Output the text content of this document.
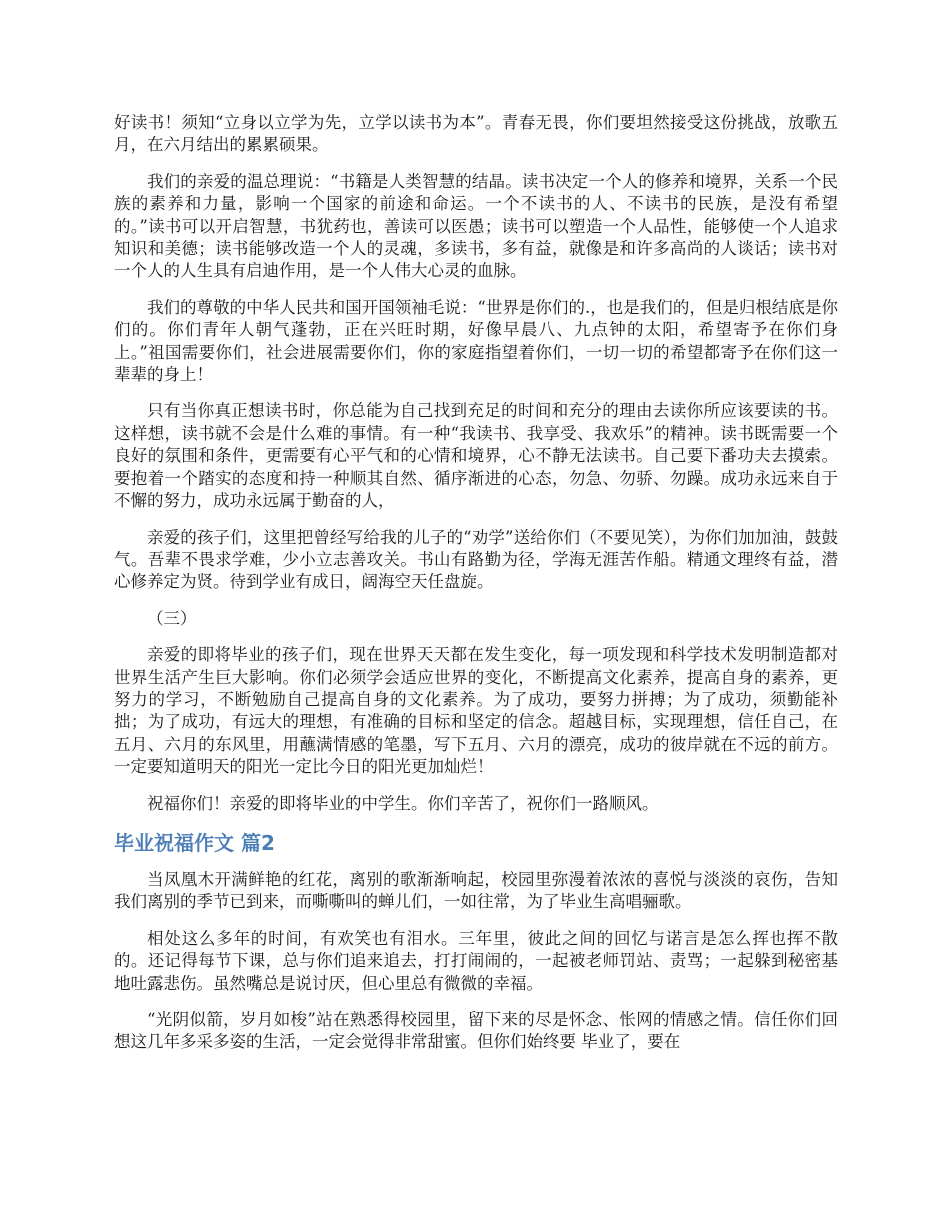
好读书！须知“立身以立学为先，立学以读书为本”。青春无畏，你们要坦然接受这份挑战，放歌五月，在六月结出的累累硕果。

我们的亲爱的温总理说：“书籍是人类智慧的结晶。读书决定一个人的修养和境界，关系一个民族的素养和力量，影响一个国家的前途和命运。一个不读书的人、不读书的民族，是没有希望的。”读书可以开启智慧，书犹药也，善读可以医愚；读书可以塑造一个人品性，能够使一个人追求知识和美德；读书能够改造一个人的灵魂，多读书，多有益，就像是和许多高尚的人谈话；读书对一个人的人生具有启迪作用，是一个人伟大心灵的血脉。

我们的尊敬的中华人民共和国开国领袖毛说：“世界是你们的.，也是我们的，但是归根结底是你们的。你们青年人朝气蓬勃，正在兴旺时期，好像早晨八、九点钟的太阳，希望寄予在你们身上。”祖国需要你们，社会进展需要你们，你的家庭指望着你们，一切一切的希望都寄予在你们这一辈辈的身上！

只有当你真正想读书时，你总能为自己找到充足的时间和充分的理由去读你所应该要读的书。这样想，读书就不会是什么难的事情。有一种“我读书、我享受、我欢乐”的精神。读书既需要一个良好的氛围和条件，更需要有心平气和的心情和境界，心不静无法读书。自己要下番功夫去摸索。要抱着一个踏实的态度和持一种顺其自然、循序渐进的心态，勿急、勿骄、勿躁。成功永远来自于不懈的努力，成功永远属于勤奋的人，

亲爱的孩子们，这里把曾经写给我的儿子的“劝学”送给你们（不要见笑），为你们加加油，鼓鼓气。吾辈不畏求学难，少小立志善攻关。书山有路勤为径，学海无涯苦作船。精通文理终有益，潜心修养定为贤。待到学业有成日，阔海空天任盘旋。

（三）

亲爱的即将毕业的孩子们，现在世界天天都在发生变化，每一项发现和科学技术发明制造都对世界生活产生巨大影响。你们必须学会适应世界的变化，不断提高文化素养，提高自身的素养，更努力的学习，不断勉励自己提高自身的文化素养。为了成功，要努力拼搏；为了成功，须勤能补拙；为了成功，有远大的理想，有准确的目标和坚定的信念。超越目标，实现理想，信任自己，在五月、六月的东风里，用蘸满情感的笔墨，写下五月、六月的漂亮，成功的彼岸就在不远的前方。一定要知道明天的阳光一定比今日的阳光更加灿烂！

祝福你们！亲爱的即将毕业的中学生。你们辛苦了，祝你们一路顺风。

毕业祝福作文 篇2

当凤凰木开满鲜艳的红花，离别的歌渐渐响起，校园里弥漫着浓浓的喜悦与淡淡的哀伤，告知我们离别的季节已到来，而嘶嘶叫的蝉儿们，一如往常，为了毕业生高唱骊歌。

相处这么多年的时间，有欢笑也有泪水。三年里，彼此之间的回忆与诺言是怎么挥也挥不散的。还记得每节下课，总与你们追来追去，打打闹闹的，一起被老师罚站、责骂；一起躲到秘密基地吐露悲伤。虽然嘴总是说讨厌，但心里总有微微的幸福。

“光阴似箭，岁月如梭”站在熟悉得校园里，留下来的尽是怀念、怅网的情感之情。信任你们回想这几年多采多姿的生活，一定会觉得非常甜蜜。但你们始终要 毕业了，要在
